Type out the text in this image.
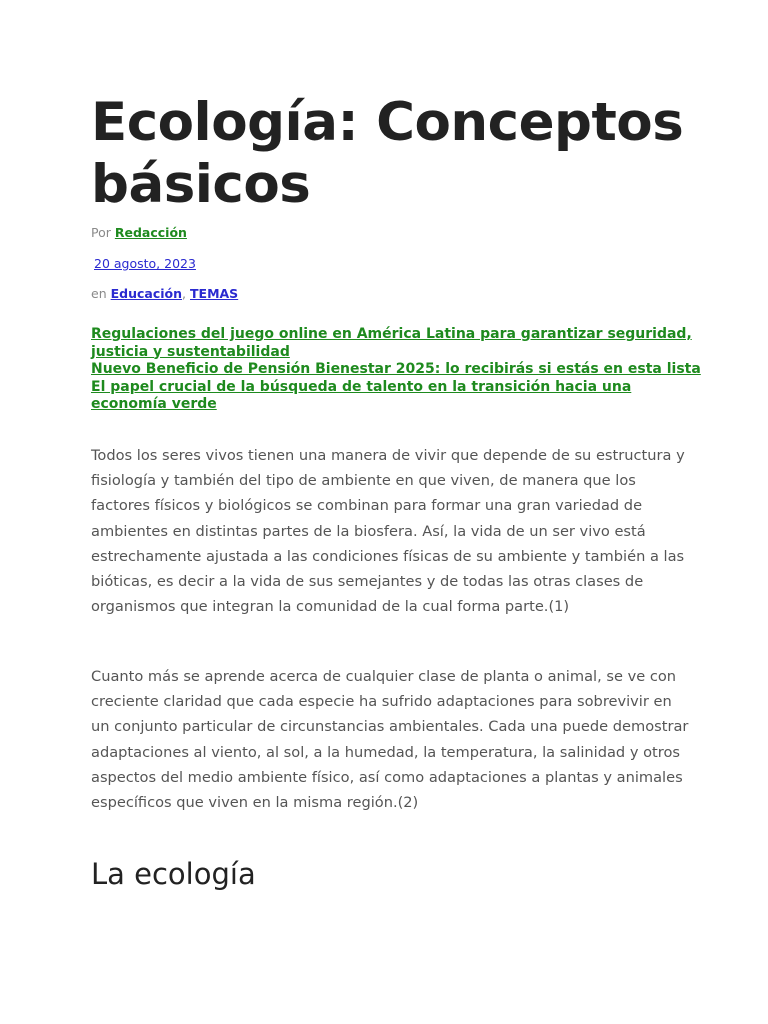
Ecología: Conceptos básicos
Por Redacción
20 agosto, 2023
en Educación, TEMAS
Regulaciones del juego online en América Latina para garantizar seguridad, justicia y sustentabilidad
Nuevo Beneficio de Pensión Bienestar 2025: lo recibirás si estás en esta lista
El papel crucial de la búsqueda de talento en la transición hacia una economía verde

Todos los seres vivos tienen una manera de vivir que depende de su estructura y fisiología y también del tipo de ambiente en que viven, de manera que los factores físicos y biológicos se combinan para formar una gran variedad de ambientes en distintas partes de la biosfera. Así, la vida de un ser vivo está estrechamente ajustada a las condiciones físicas de su ambiente y también a las bióticas, es decir a la vida de sus semejantes y de todas las otras clases de organismos que integran la comunidad de la cual forma parte.(1)

Cuanto más se aprende acerca de cualquier clase de planta o animal, se ve con creciente claridad que cada especie ha sufrido adaptaciones para sobrevivir en un conjunto particular de circunstancias ambientales. Cada una puede demostrar adaptaciones al viento, al sol, a la humedad, la temperatura, la salinidad y otros aspectos del medio ambiente físico, así como adaptaciones a plantas y animales específicos que viven en la misma región.(2)

La ecología
